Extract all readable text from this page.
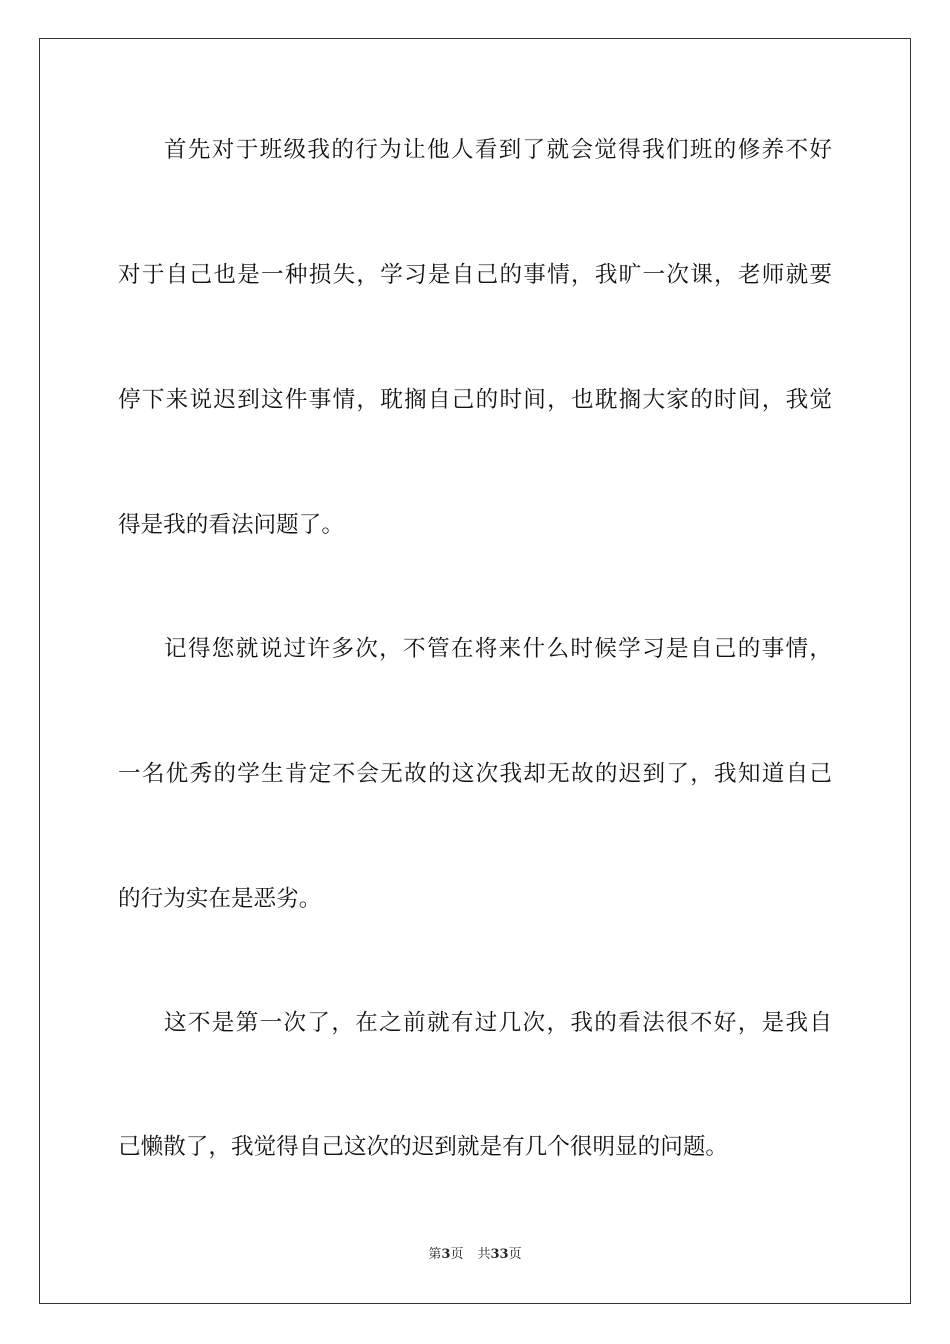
首先对于班级我的行为让他人看到了就会觉得我们班的修养不好
对于自己也是一种损失，学习是自己的事情，我旷一次课，老师就要
停下来说迟到这件事情，耽搁自己的时间，也耽搁大家的时间，我觉
得是我的看法问题了。
记得您就说过许多次，不管在将来什么时候学习是自己的事情，
一名优秀的学生肯定不会无故的这次我却无故的迟到了，我知道自己
的行为实在是恶劣。
这不是第一次了，在之前就有过几次，我的看法很不好，是我自
己懒散了，我觉得自己这次的迟到就是有几个很明显的问题。
第3页 共33页
